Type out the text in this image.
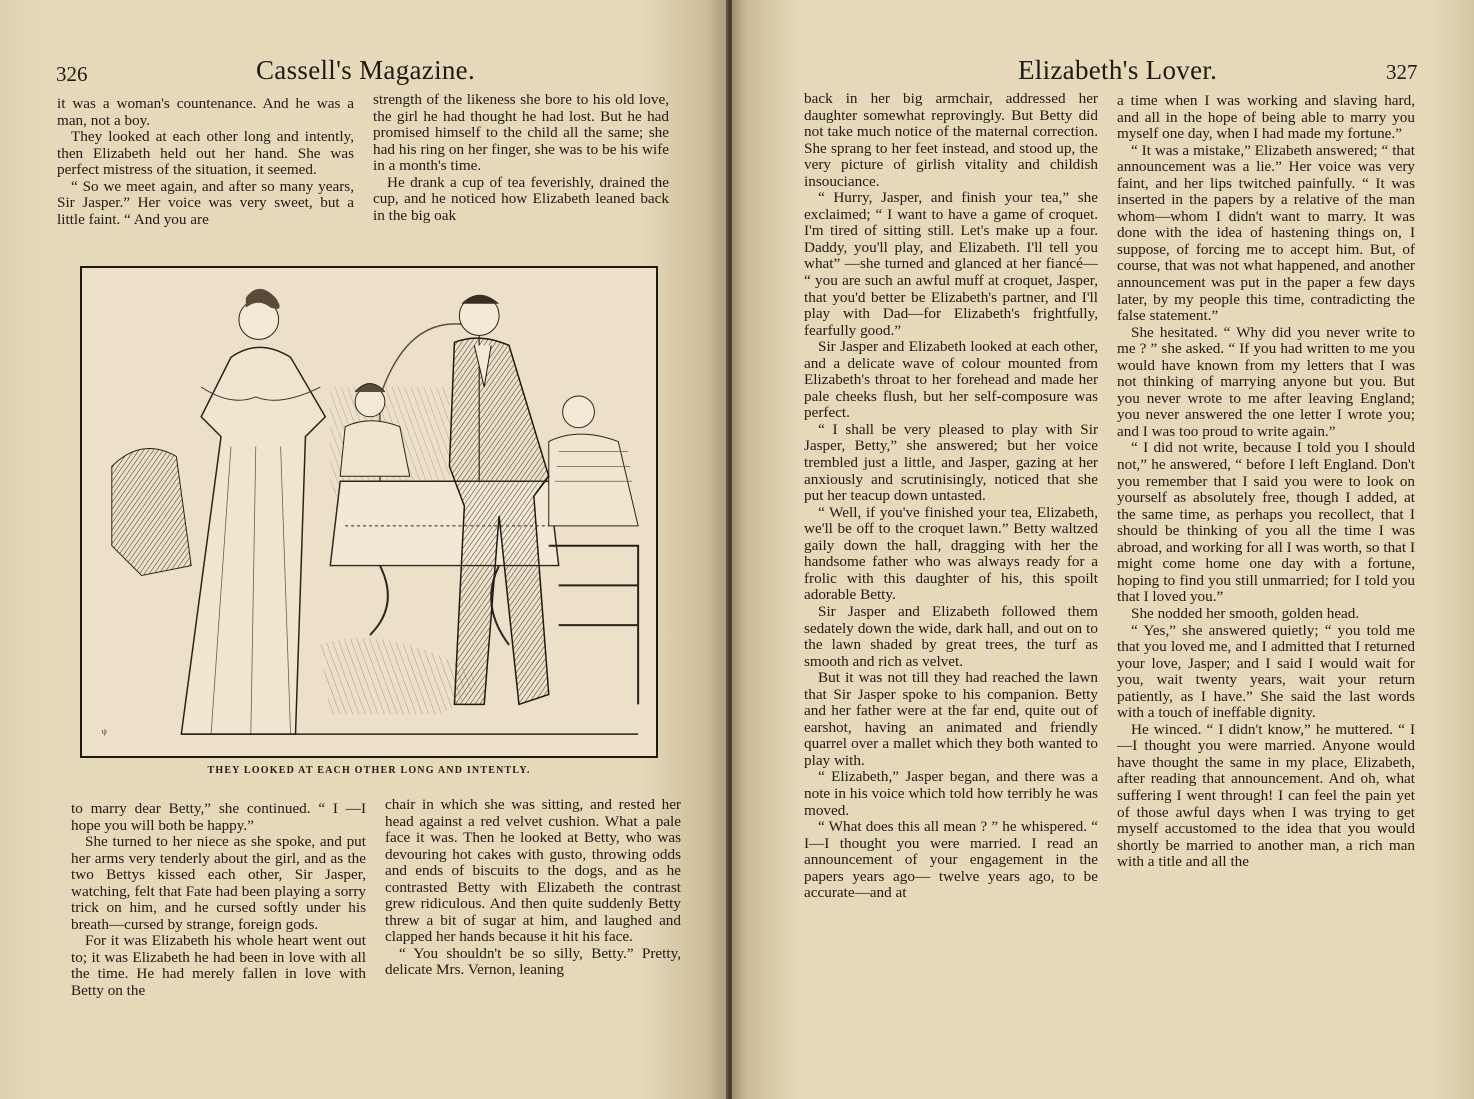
326	Cassell's Magazine.

it was a woman's countenance. And he was a man, not a boy.

They looked at each other long and intently, then Elizabeth held out her hand. She was perfect mistress of the situation, it seemed.

“ So we meet again, and after so many years, Sir Jasper.” Her voice was very sweet, but a little faint. “ And you are

strength of the likeness she bore to his old love, the girl he had thought he had lost. But he had promised himself to the child all the same; she had his ring on her finger, she was to be his wife in a month's time.

He drank a cup of tea feverishly, drained the cup, and he noticed how Elizabeth leaned back in the big oak

ψ
THEY LOOKED AT EACH OTHER LONG AND INTENTLY.

to marry dear Betty,” she continued. “ I —I hope you will both be happy.”

She turned to her niece as she spoke, and put her arms very tenderly about the girl, and as the two Bettys kissed each other, Sir Jasper, watching, felt that Fate had been playing a sorry trick on him, and he cursed softly under his breath—cursed by strange, foreign gods.

For it was Elizabeth his whole heart went out to; it was Elizabeth he had been in love with all the time. He had merely fallen in love with Betty on the

chair in which she was sitting, and rested her head against a red velvet cushion. What a pale face it was. Then he looked at Betty, who was devouring hot cakes with gusto, throwing odds and ends of biscuits to the dogs, and as he contrasted Betty with Elizabeth the contrast grew ridiculous. And then quite suddenly Betty threw a bit of sugar at him, and laughed and clapped her hands because it hit his face.

“ You shouldn't be so silly, Betty.” Pretty, delicate Mrs. Vernon, leaning

Elizabeth's Lover.	327

back in her big armchair, addressed her daughter somewhat reprovingly. But Betty did not take much notice of the maternal correction. She sprang to her feet instead, and stood up, the very picture of girlish vitality and childish insouciance.

“ Hurry, Jasper, and finish your tea,” she exclaimed; “ I want to have a game of croquet. I'm tired of sitting still. Let's make up a four. Daddy, you'll play, and Elizabeth. I'll tell you what” —she turned and glanced at her fiancé— “ you are such an awful muff at croquet, Jasper, that you'd better be Elizabeth's partner, and I'll play with Dad—for Elizabeth's frightfully, fearfully good.”

Sir Jasper and Elizabeth looked at each other, and a delicate wave of colour mounted from Elizabeth's throat to her forehead and made her pale cheeks flush, but her self-composure was perfect.

“ I shall be very pleased to play with Sir Jasper, Betty,” she answered; but her voice trembled just a little, and Jasper, gazing at her anxiously and scrutinisingly, noticed that she put her teacup down untasted.

“ Well, if you've finished your tea, Elizabeth, we'll be off to the croquet lawn.” Betty waltzed gaily down the hall, dragging with her the handsome father who was always ready for a frolic with this daughter of his, this spoilt adorable Betty.

Sir Jasper and Elizabeth followed them sedately down the wide, dark hall, and out on to the lawn shaded by great trees, the turf as smooth and rich as velvet.

But it was not till they had reached the lawn that Sir Jasper spoke to his companion. Betty and her father were at the far end, quite out of earshot, having an animated and friendly quarrel over a mallet which they both wanted to play with.

“ Elizabeth,” Jasper began, and there was a note in his voice which told how terribly he was moved.

“ What does this all mean ? ” he whispered. “ I—I thought you were married. I read an announcement of your engagement in the papers years ago— twelve years ago, to be accurate—and at

a time when I was working and slaving hard, and all in the hope of being able to marry you myself one day, when I had made my fortune.”

“ It was a mistake,” Elizabeth answered; “ that announcement was a lie.” Her voice was very faint, and her lips twitched painfully. “ It was inserted in the papers by a relative of the man whom—whom I didn't want to marry. It was done with the idea of hastening things on, I suppose, of forcing me to accept him. But, of course, that was not what happened, and another announcement was put in the paper a few days later, by my people this time, contradicting the false statement.”

She hesitated. “ Why did you never write to me ? ” she asked. “ If you had written to me you would have known from my letters that I was not thinking of marrying anyone but you. But you never wrote to me after leaving England; you never answered the one letter I wrote you; and I was too proud to write again.”

“ I did not write, because I told you I should not,” he answered, “ before I left England. Don't you remember that I said you were to look on yourself as absolutely free, though I added, at the same time, as perhaps you recollect, that I should be thinking of you all the time I was abroad, and working for all I was worth, so that I might come home one day with a fortune, hoping to find you still unmarried; for I told you that I loved you.”

She nodded her smooth, golden head.

“ Yes,” she answered quietly; “ you told me that you loved me, and I admitted that I returned your love, Jasper; and I said I would wait for you, wait twenty years, wait your return patiently, as I have.” She said the last words with a touch of ineffable dignity.

He winced. “ I didn't know,” he muttered. “ I—I thought you were married. Anyone would have thought the same in my place, Elizabeth, after reading that announcement. And oh, what suffering I went through! I can feel the pain yet of those awful days when I was trying to get myself accustomed to the idea that you would shortly be married to another man, a rich man with a title and all the
